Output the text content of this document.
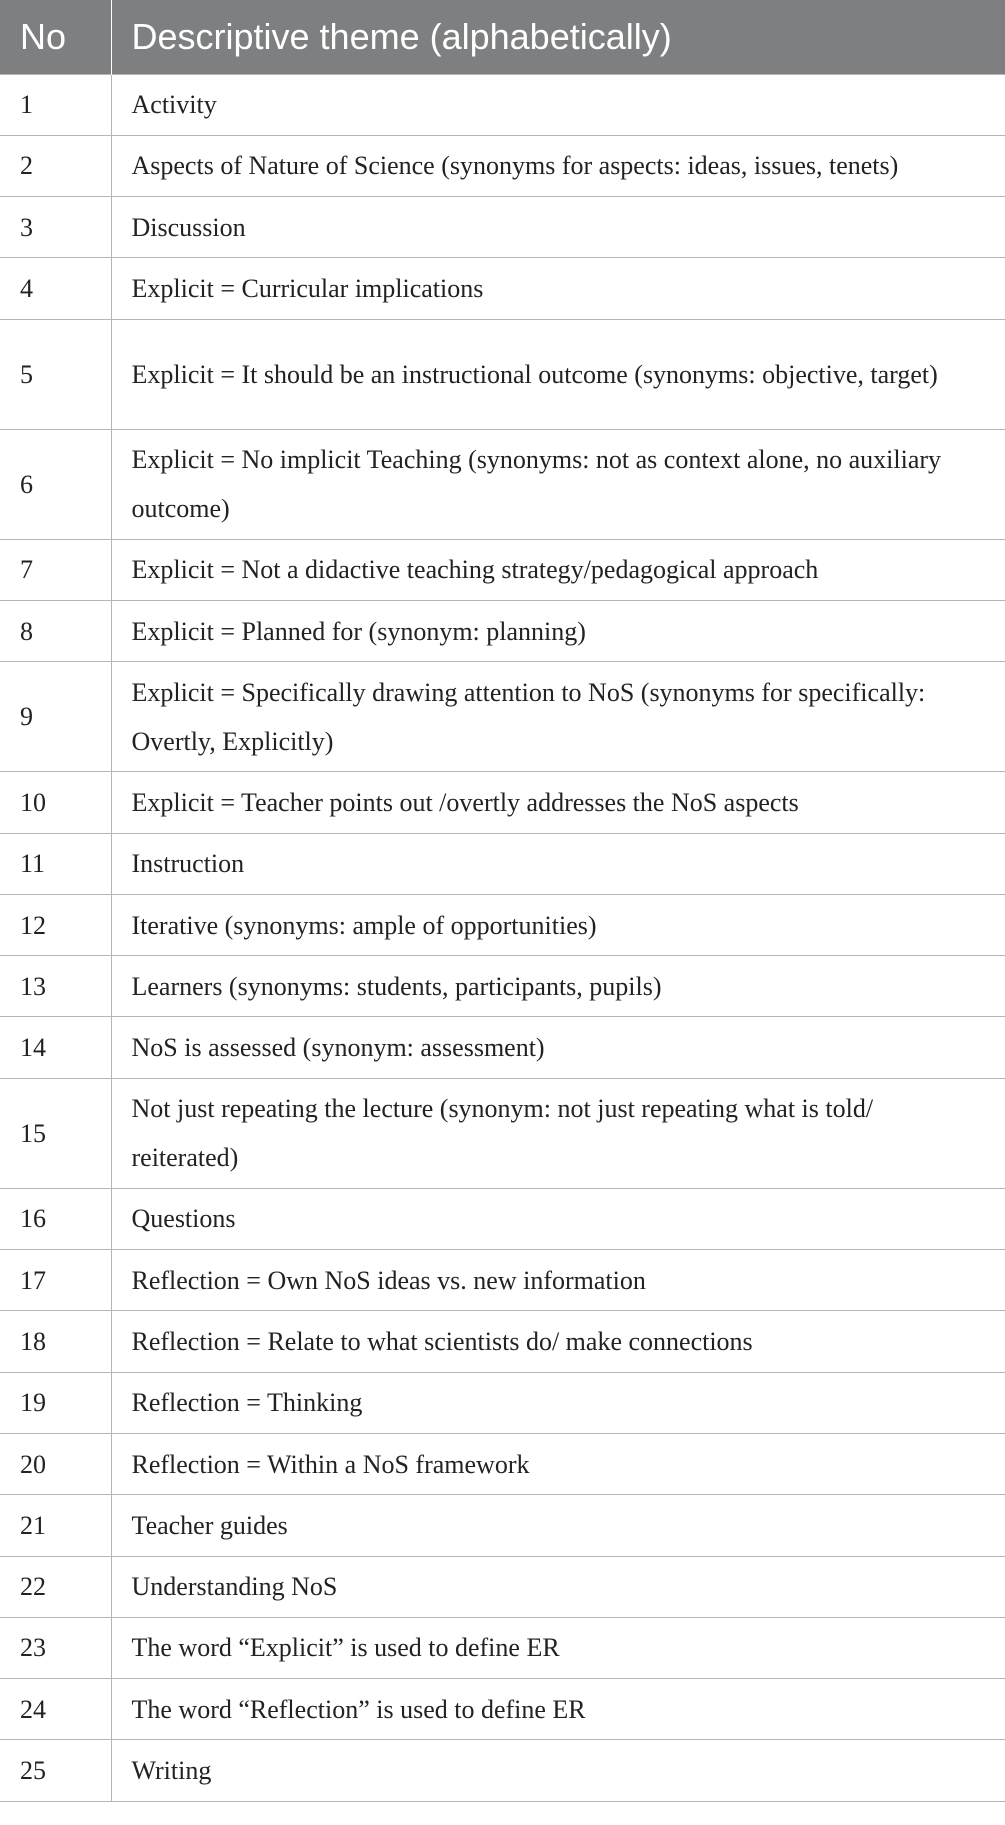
No	Descriptive theme (alphabetically)
1	Activity
2	Aspects of Nature of Science (synonyms for aspects: ideas, issues, tenets)
3	Discussion
4	Explicit = Curricular implications
5	Explicit = It should be an instructional outcome (synonyms: objective, target)
6	Explicit = No implicit Teaching (synonyms: not as context alone, no auxiliary outcome)
7	Explicit = Not a didactive teaching strategy/pedagogical approach
8	Explicit = Planned for (synonym: planning)
9	Explicit = Specifically drawing attention to NoS (synonyms for specifically: Overtly, Explicitly)
10	Explicit = Teacher points out /overtly addresses the NoS aspects
11	Instruction
12	Iterative (synonyms: ample of opportunities)
13	Learners (synonyms: students, participants, pupils)
14	NoS is assessed (synonym: assessment)
15	Not just repeating the lecture (synonym: not just repeating what is told/ reiterated)
16	Questions
17	Reflection = Own NoS ideas vs. new information
18	Reflection = Relate to what scientists do/ make connections
19	Reflection = Thinking
20	Reflection = Within a NoS framework
21	Teacher guides
22	Understanding NoS
23	The word “Explicit” is used to define ER
24	The word “Reflection” is used to define ER
25	Writing
